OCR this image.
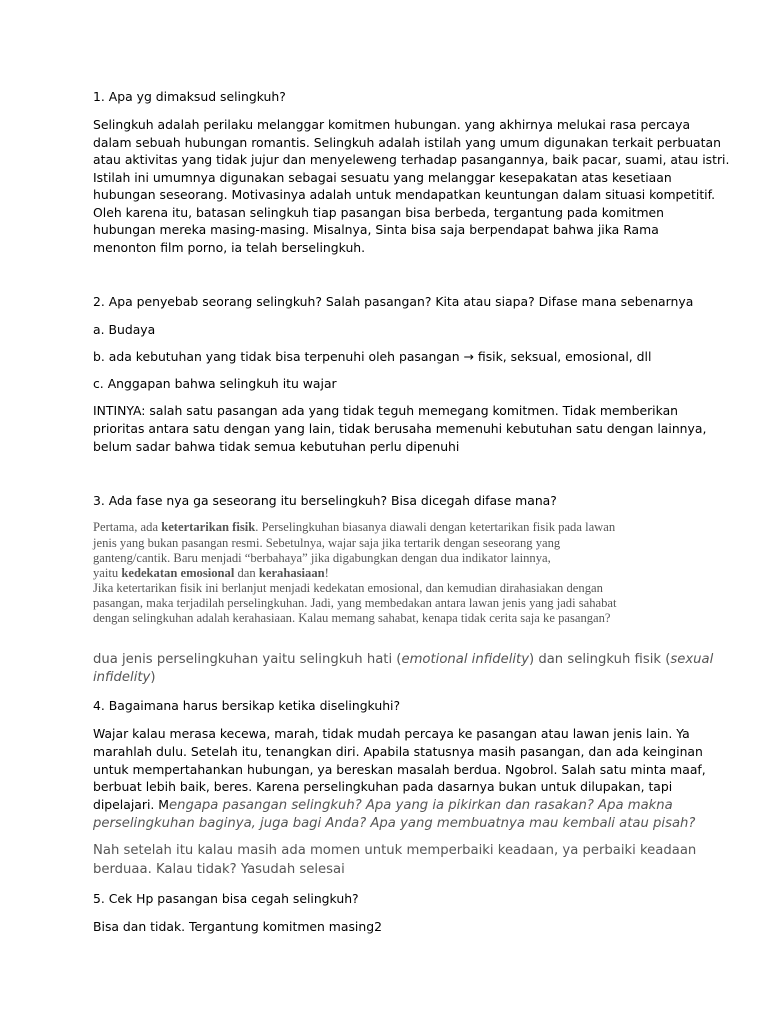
1. Apa yg dimaksud selingkuh?

Selingkuh adalah perilaku melanggar komitmen hubungan. yang akhirnya melukai rasa percaya

dalam sebuah hubungan romantis. Selingkuh adalah istilah yang umum digunakan terkait perbuatan

atau aktivitas yang tidak jujur dan menyeleweng terhadap pasangannya, baik pacar, suami, atau istri.

Istilah ini umumnya digunakan sebagai sesuatu yang melanggar kesepakatan atas kesetiaan

hubungan seseorang. Motivasinya adalah untuk mendapatkan keuntungan dalam situasi kompetitif.

Oleh karena itu, batasan selingkuh tiap pasangan bisa berbeda, tergantung pada komitmen

hubungan mereka masing-masing. Misalnya, Sinta bisa saja berpendapat bahwa jika Rama

menonton film porno, ia telah berselingkuh.

2. Apa penyebab seorang selingkuh? Salah pasangan? Kita atau siapa? Difase mana sebenarnya

a. Budaya

b. ada kebutuhan yang tidak bisa terpenuhi oleh pasangan → fisik, seksual, emosional, dll

c. Anggapan bahwa selingkuh itu wajar

INTINYA: salah satu pasangan ada yang tidak teguh memegang komitmen. Tidak memberikan

prioritas antara satu dengan yang lain, tidak berusaha memenuhi kebutuhan satu dengan lainnya,

belum sadar bahwa tidak semua kebutuhan perlu dipenuhi

3. Ada fase nya ga seseorang itu berselingkuh? Bisa dicegah difase mana?

Pertama, ada ketertarikan fisik. Perselingkuhan biasanya diawali dengan ketertarikan fisik pada lawan

jenis yang bukan pasangan resmi. Sebetulnya, wajar saja jika tertarik dengan seseorang yang

ganteng/cantik. Baru menjadi “berbahaya” jika digabungkan dengan dua indikator lainnya,

yaitu kedekatan emosional dan kerahasiaan!

Jika ketertarikan fisik ini berlanjut menjadi kedekatan emosional, dan kemudian dirahasiakan dengan

pasangan, maka terjadilah perselingkuhan. Jadi, yang membedakan antara lawan jenis yang jadi sahabat

dengan selingkuhan adalah kerahasiaan. Kalau memang sahabat, kenapa tidak cerita saja ke pasangan?

dua jenis perselingkuhan yaitu selingkuh hati (emotional infidelity) dan selingkuh fisik (sexual

infidelity)

4. Bagaimana harus bersikap ketika diselingkuhi?

Wajar kalau merasa kecewa, marah, tidak mudah percaya ke pasangan atau lawan jenis lain. Ya

marahlah dulu. Setelah itu, tenangkan diri. Apabila statusnya masih pasangan, dan ada keinginan

untuk mempertahankan hubungan, ya bereskan masalah berdua. Ngobrol. Salah satu minta maaf,

berbuat lebih baik, beres. Karena perselingkuhan pada dasarnya bukan untuk dilupakan, tapi

dipelajari. Mengapa pasangan selingkuh? Apa yang ia pikirkan dan rasakan? Apa makna

perselingkuhan baginya, juga bagi Anda? Apa yang membuatnya mau kembali atau pisah?

Nah setelah itu kalau masih ada momen untuk memperbaiki keadaan, ya perbaiki keadaan

berduaa. Kalau tidak? Yasudah selesai

5. Cek Hp pasangan bisa cegah selingkuh?

Bisa dan tidak. Tergantung komitmen masing2
